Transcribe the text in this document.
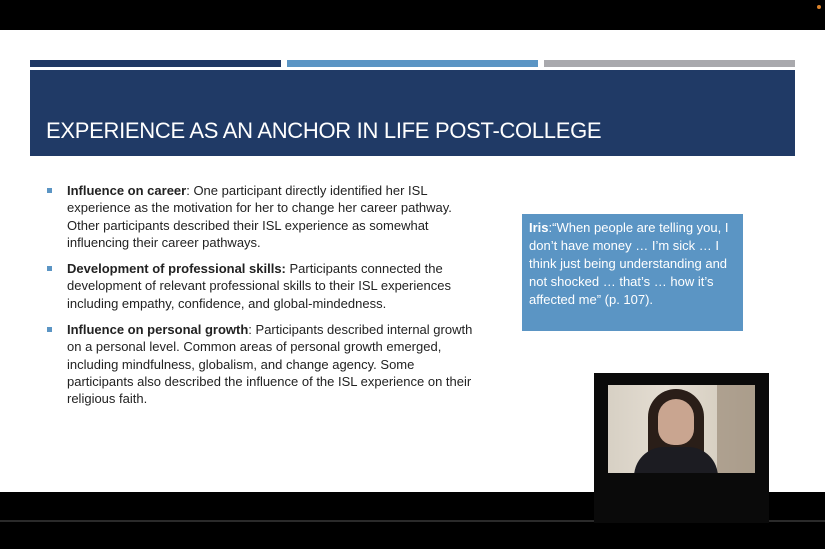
EXPERIENCE AS AN ANCHOR IN LIFE POST-COLLEGE
Influence on career: One participant directly identified her ISL experience as the motivation for her to change her career pathway. Other participants described their ISL experience as somewhat influencing their career pathways.
Development of professional skills: Participants connected the development of relevant professional skills to their ISL experiences including empathy, confidence, and global-mindedness.
Influence on personal growth: Participants described internal growth on a personal level. Common areas of personal growth emerged, including mindfulness, globalism, and change agency. Some participants also described the influence of the ISL experience on their religious faith.
Iris:“When people are telling you, I don’t have money … I’m sick … I think just being understanding and not shocked … that’s … how it’s affected me” (p. 107).
